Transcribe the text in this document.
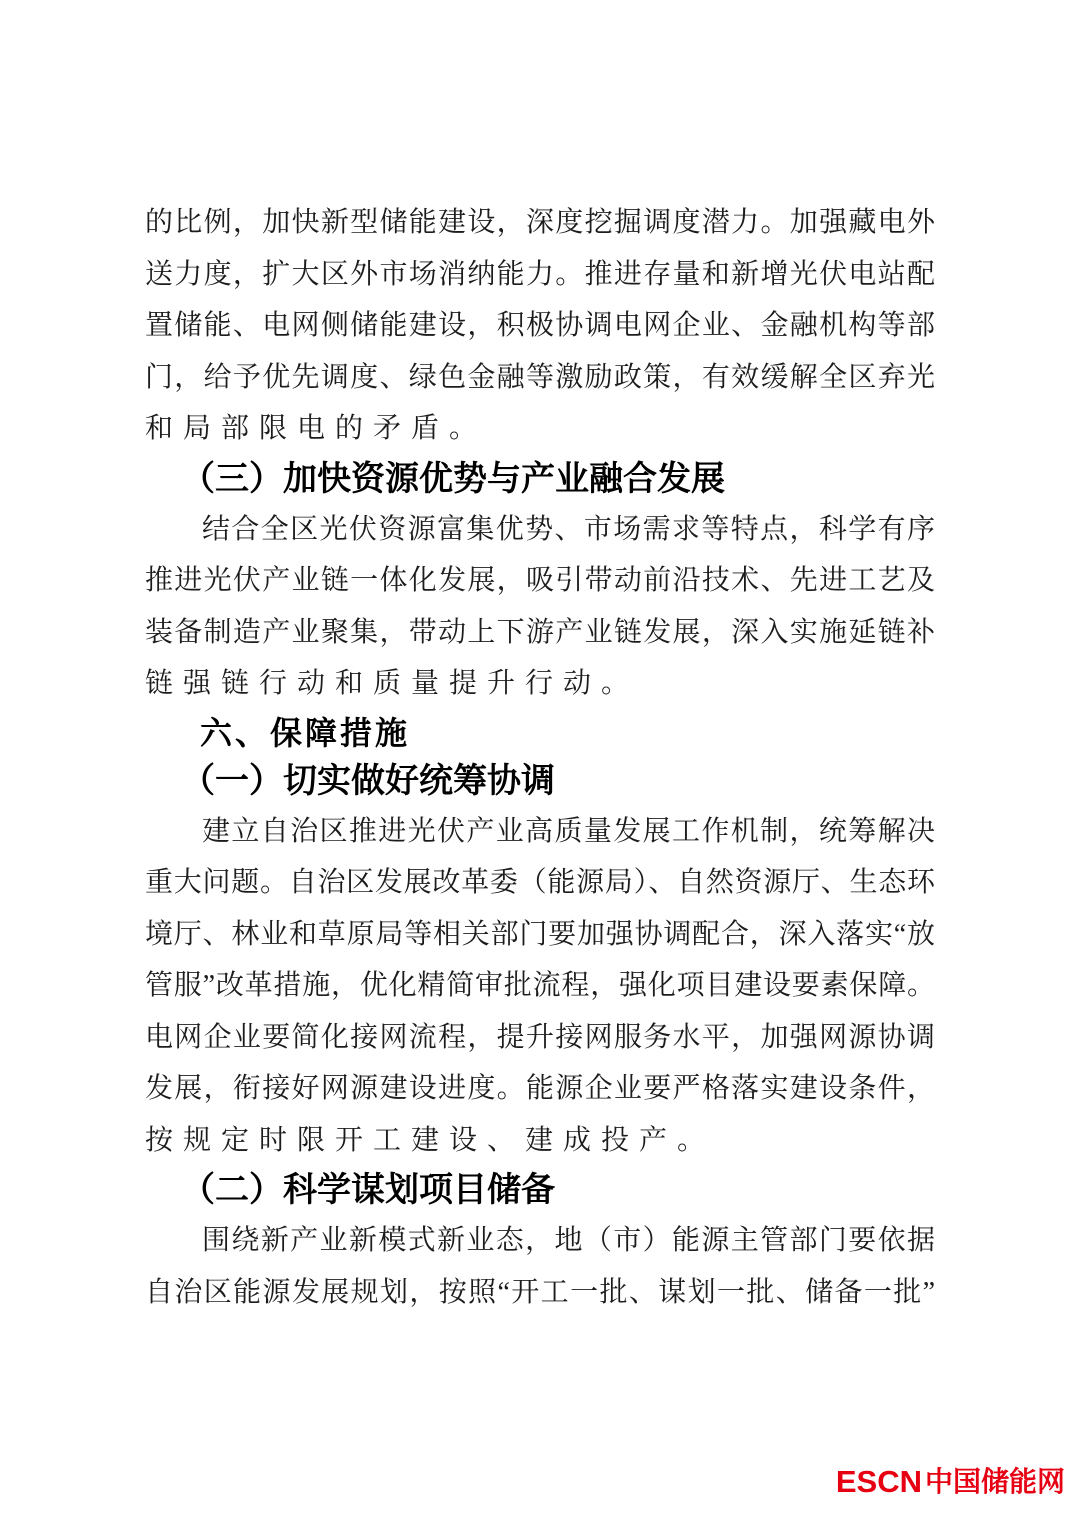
的比例，加快新型储能建设，深度挖掘调度潜力。加强藏电外
送力度，扩大区外市场消纳能力。推进存量和新增光伏电站配
置储能、电网侧储能建设，积极协调电网企业、金融机构等部
门，给予优先调度、绿色金融等激励政策，有效缓解全区弃光
和局部限电的矛盾。
（三）加快资源优势与产业融合发展
结合全区光伏资源富集优势、市场需求等特点，科学有序
推进光伏产业链一体化发展，吸引带动前沿技术、先进工艺及
装备制造产业聚集，带动上下游产业链发展，深入实施延链补
链强链行动和质量提升行动。
六、保障措施
（一）切实做好统筹协调
建立自治区推进光伏产业高质量发展工作机制，统筹解决
重大问题。自治区发展改革委（能源局）、自然资源厅、生态环
境厅、林业和草原局等相关部门要加强协调配合，深入落实“放
管服”改革措施，优化精简审批流程，强化项目建设要素保障。
电网企业要简化接网流程，提升接网服务水平，加强网源协调
发展，衔接好网源建设进度。能源企业要严格落实建设条件，
按规定时限开工建设、建成投产。
（二）科学谋划项目储备
围绕新产业新模式新业态，地（市）能源主管部门要依据
自治区能源发展规划，按照“开工一批、谋划一批、储备一批”
ESCN 中国储能网
